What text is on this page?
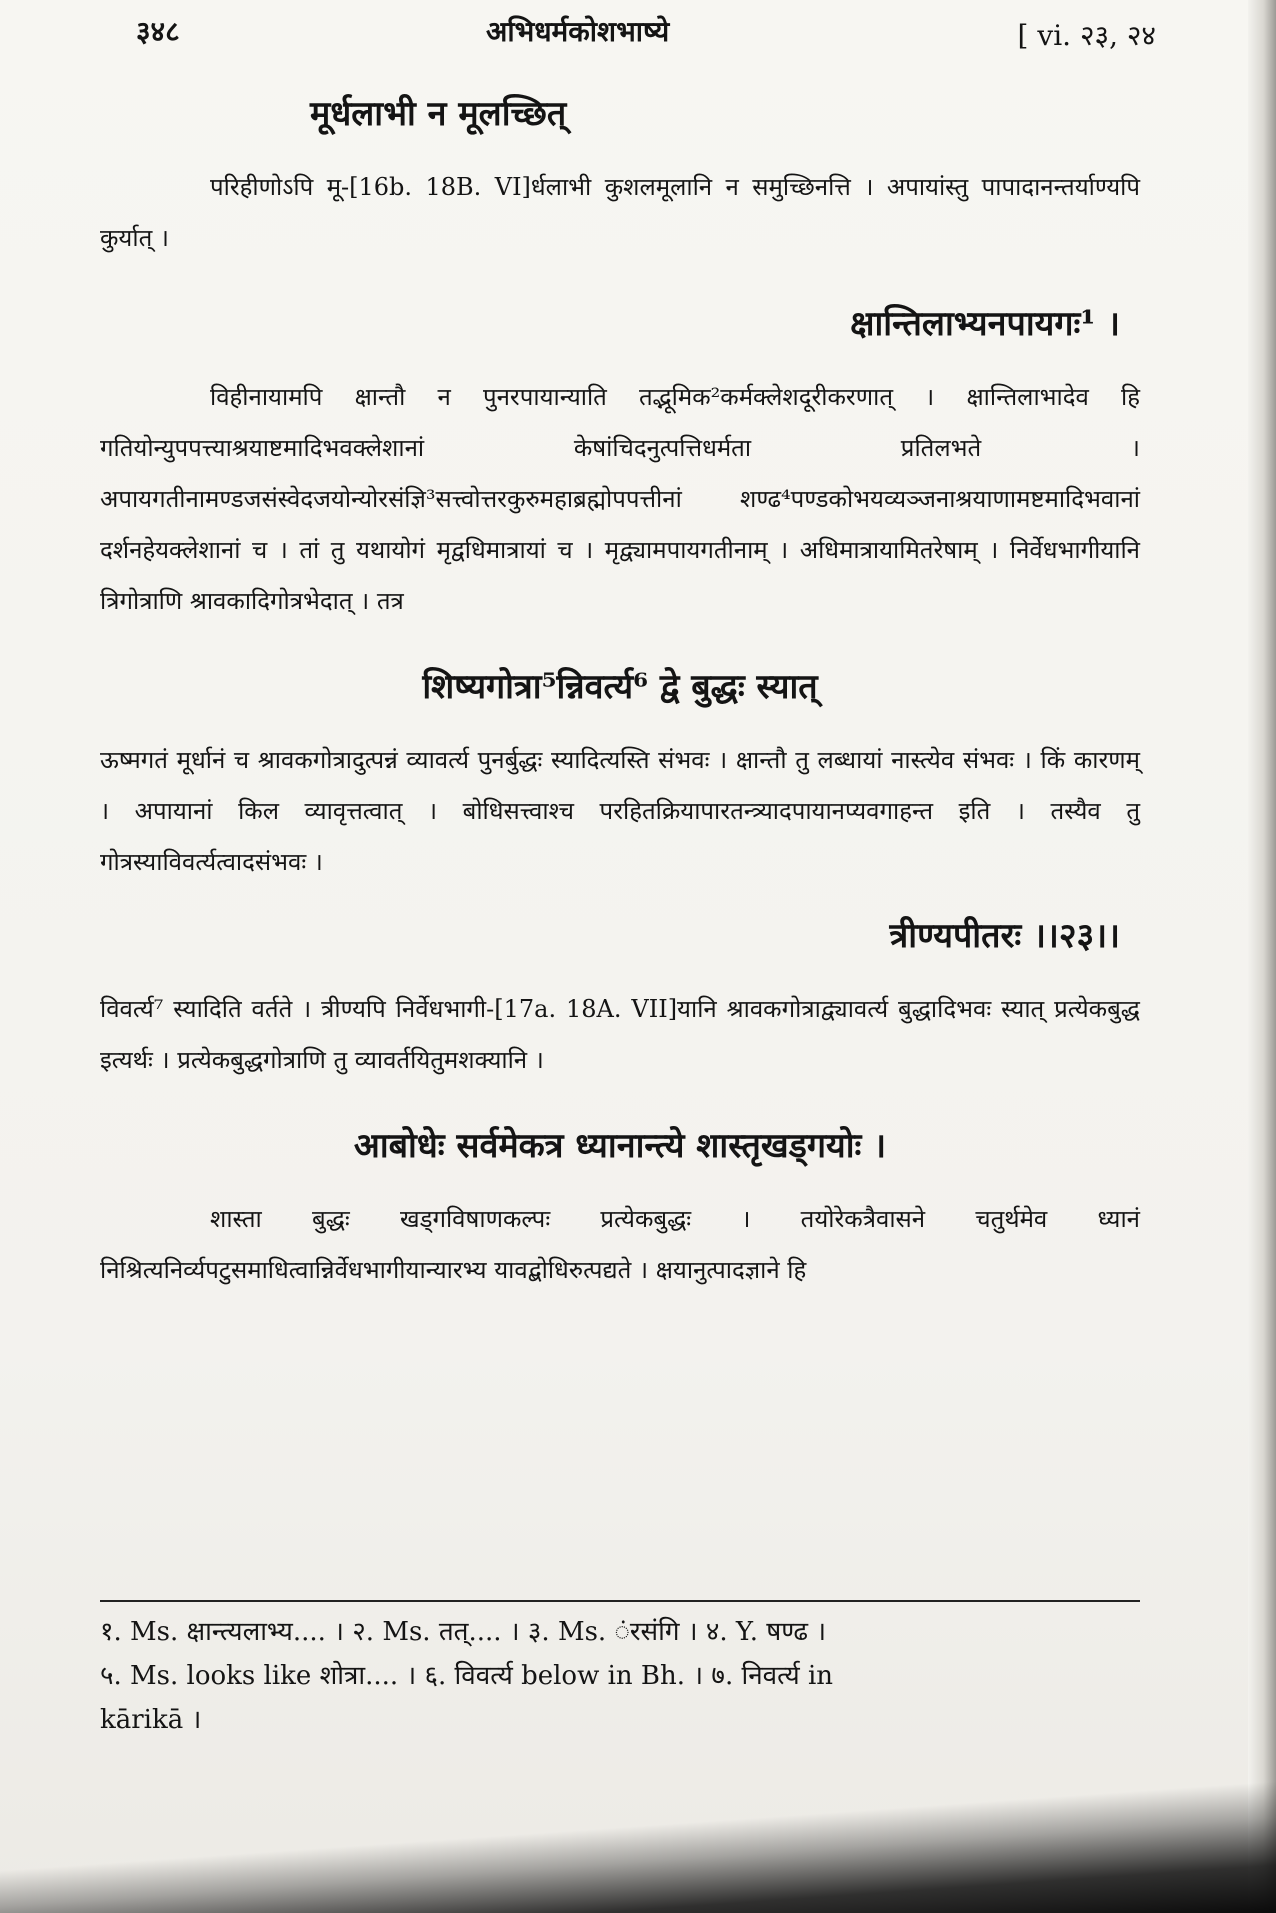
३४८	अभिधर्मकोशभाष्ये	[ vi. २३, २४

मूर्धलाभी न मूलच्छित्

परिहीणोऽपि मू-[16b. 18B. VI]र्धलाभी कुशलमूलानि न समुच्छिनत्ति । अपायांस्तु पापादानन्तर्याण्यपि कुर्यात् ।

क्षान्तिलाभ्यनपायगः¹ ।

विहीनायामपि क्षान्तौ न पुनरपायान्याति तद्भूमिक²कर्मक्लेशदूरीकरणात् । क्षान्तिलाभादेव हि गतियोन्युपपत्त्याश्रयाष्टमादिभवक्लेशानां केषांचिदनुत्पत्तिधर्मता प्रतिलभते । अपायगतीनामण्डजसंस्वेदजयोन्योरसंज्ञि³सत्त्वोत्तरकुरुमहाब्रह्मोपपत्तीनां शण्ढ⁴पण्डकोभयव्यञ्जनाश्रयाणामष्टमादिभवानां दर्शनहेयक्लेशानां च । तां तु यथायोगं मृद्वधिमात्रायां च । मृद्व्यामपायगतीनाम् । अधिमात्रायामितरेषाम् । निर्वेधभागीयानि त्रिगोत्राणि श्रावकादिगोत्रभेदात् । तत्र

शिष्यगोत्रा⁵न्निवर्त्य⁶ द्वे बुद्धः स्यात्

ऊष्मगतं मूर्धानं च श्रावकगोत्रादुत्पन्नं व्यावर्त्य पुनर्बुद्धः स्यादित्यस्ति संभवः । क्षान्तौ तु लब्धायां नास्त्येव संभवः । किं कारणम् । अपायानां किल व्यावृत्तत्वात् । बोधिसत्त्वाश्च परहितक्रियापारतन्त्र्यादपायानप्यवगाहन्त इति । तस्यैव तु गोत्रस्याविवर्त्यत्वादसंभवः ।

त्रीण्यपीतरः ।।२३।।

विवर्त्य⁷ स्यादिति वर्तते । त्रीण्यपि निर्वेधभागी-[17a. 18A. VII]यानि श्रावकगोत्राद्व्यावर्त्य बुद्धादिभवः स्यात् प्रत्येकबुद्ध इत्यर्थः । प्रत्येकबुद्धगोत्राणि तु व्यावर्तयितुमशक्यानि ।

आबोधेः सर्वमेकत्र ध्यानान्त्ये शास्तृखड्गयोः ।

शास्ता बुद्धः खड्गविषाणकल्पः प्रत्येकबुद्धः । तयोरेकत्रैवासने चतुर्थमेव ध्यानं निश्रित्यनिर्व्यपटुसमाधित्वान्निर्वेधभागीयान्यारभ्य यावद्बोधिरुत्पद्यते । क्षयानुत्पादज्ञाने हि

१. Ms. क्षान्त्यलाभ्य.... । २. Ms. तत्.... । ३. Ms. ंरसंगि । ४. Y. षण्ढ ।

५. Ms. looks like शोत्रा.... । ६. विवर्त्य below in Bh. । ७. निवर्त्य in

kārikā ।
